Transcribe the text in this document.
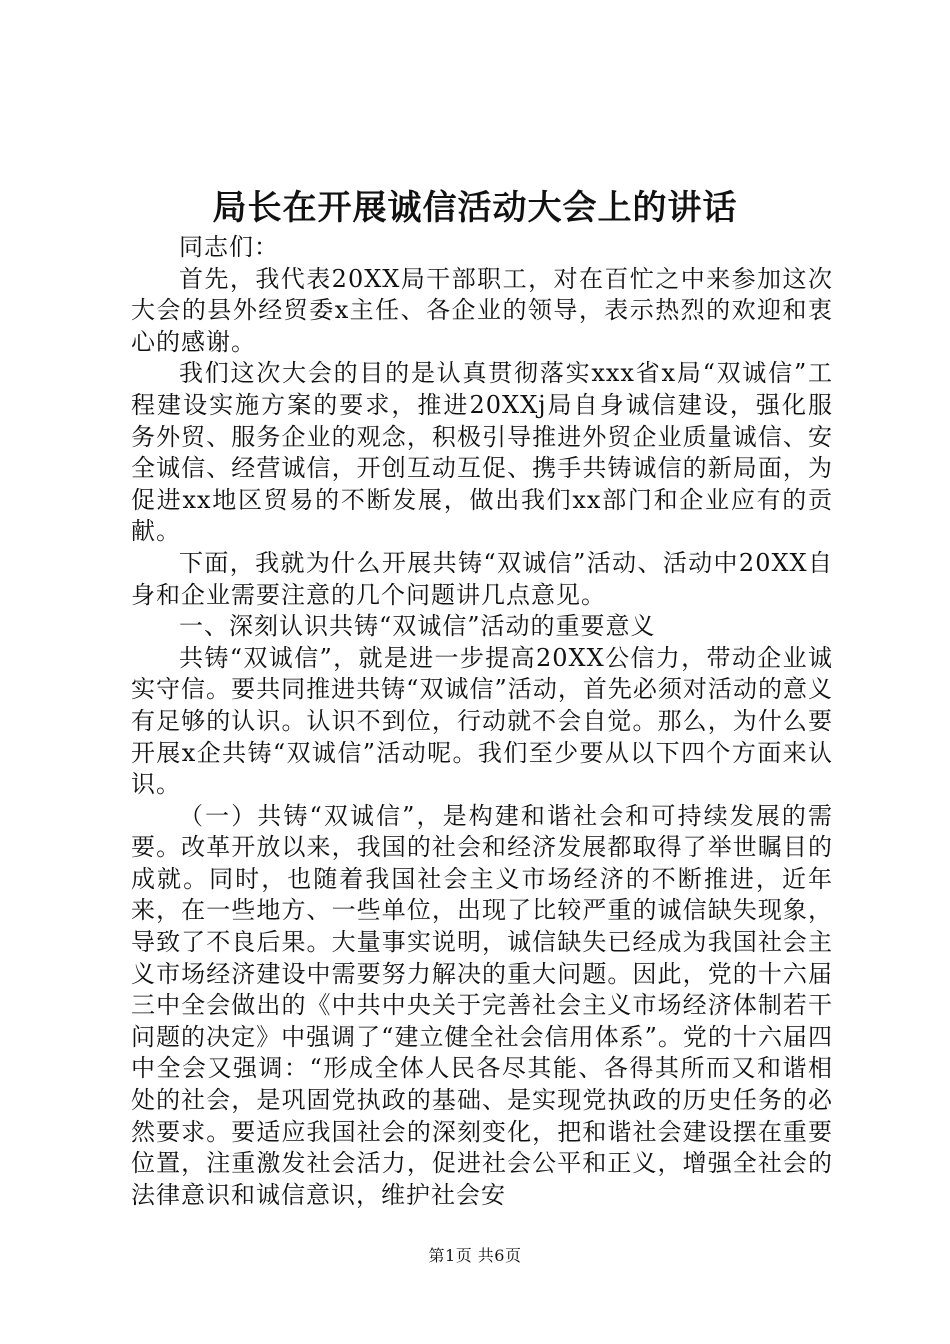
局长在开展诚信活动大会上的讲话

同志们：

首先，我代表20XX局干部职工，对在百忙之中来参加这次大会的县外经贸委x主任、各企业的领导，表示热烈的欢迎和衷心的感谢。

我们这次大会的目的是认真贯彻落实xxx省x局“双诚信”工程建设实施方案的要求，推进20XXj局自身诚信建设，强化服务外贸、服务企业的观念，积极引导推进外贸企业质量诚信、安全诚信、经营诚信，开创互动互促、携手共铸诚信的新局面，为促进xx地区贸易的不断发展，做出我们xx部门和企业应有的贡献。

下面，我就为什么开展共铸“双诚信”活动、活动中20XX自身和企业需要注意的几个问题讲几点意见。

一、深刻认识共铸“双诚信”活动的重要意义

共铸“双诚信”，就是进一步提高20XX公信力，带动企业诚实守信。要共同推进共铸“双诚信”活动，首先必须对活动的意义有足够的认识。认识不到位，行动就不会自觉。那么，为什么要开展x企共铸“双诚信”活动呢。我们至少要从以下四个方面来认识。

（一）共铸“双诚信”，是构建和谐社会和可持续发展的需要。改革开放以来，我国的社会和经济发展都取得了举世瞩目的成就。同时，也随着我国社会主义市场经济的不断推进，近年来，在一些地方、一些单位，出现了比较严重的诚信缺失现象，导致了不良后果。大量事实说明，诚信缺失已经成为我国社会主义市场经济建设中需要努力解决的重大问题。因此，党的十六届三中全会做出的《中共中央关于完善社会主义市场经济体制若干问题的决定》中强调了“建立健全社会信用体系”。党的十六届四中全会又强调：“形成全体人民各尽其能、各得其所而又和谐相处的社会，是巩固党执政的基础、是实现党执政的历史任务的必然要求。要适应我国社会的深刻变化，把和谐社会建设摆在重要位置，注重激发社会活力，促进社会公平和正义，增强全社会的法律意识和诚信意识，维护社会安

第1页 共6页
